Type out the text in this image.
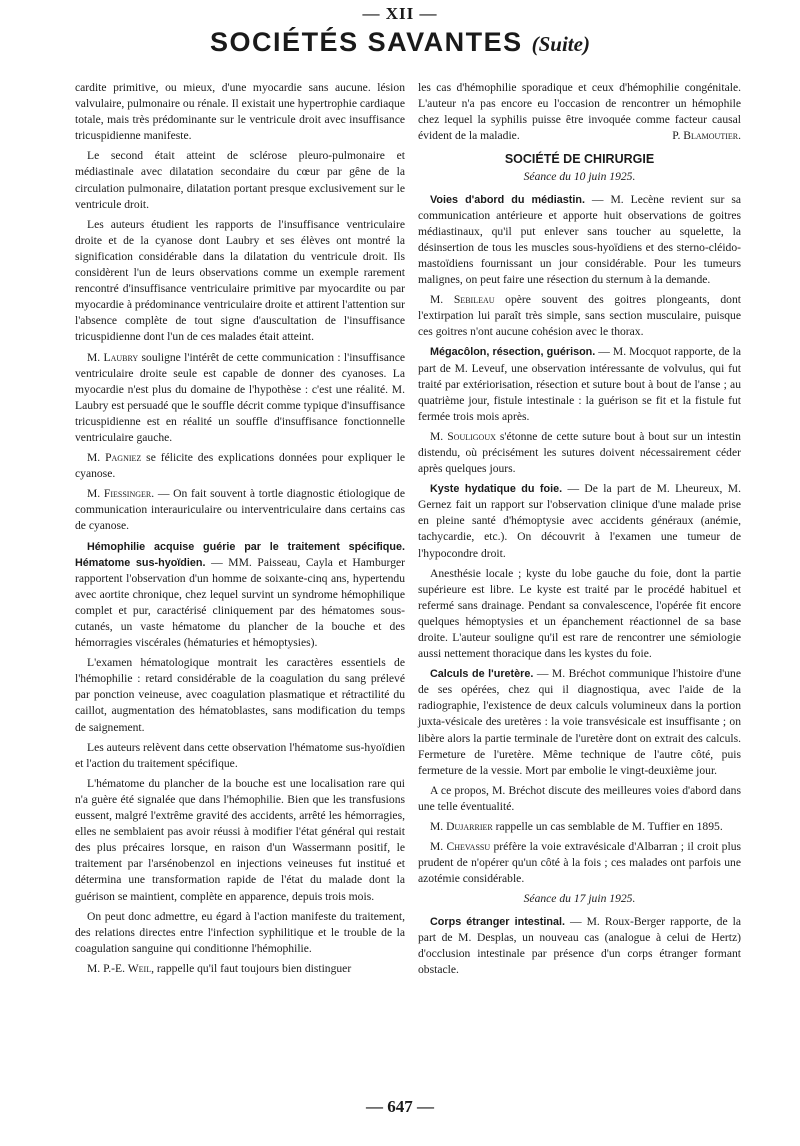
— XII —
SOCIÉTÉS SAVANTES (Suite)

cardite primitive, ou mieux, d'une myocardie sans aucune. lésion valvulaire, pulmonaire ou rénale. Il existait une hypertrophie cardiaque totale, mais très prédominante sur le ventricule droit avec insuffisance tricuspidienne manifeste.

Le second était atteint de sclérose pleuro-pulmonaire et médiastinale avec dilatation secondaire du cœur par gêne de la circulation pulmonaire, dilatation portant presque exclusivement sur le ventricule droit.

Les auteurs étudient les rapports de l'insuffisance ventriculaire droite et de la cyanose dont Laubry et ses élèves ont montré la signification considérable dans la dilatation du ventricule droit. Ils considèrent l'un de leurs observations comme un exemple rarement rencontré d'insuffisance ventriculaire primitive par myocardite ou par myocardie à prédominance ventriculaire droite et attirent l'attention sur l'absence complète de tout signe d'auscultation de l'insuffisance tricuspidienne dont l'un de ces malades était atteint.

M. Laubry souligne l'intérêt de cette communication : l'insuffisance ventriculaire droite seule est capable de donner des cyanoses. La myocardie n'est plus du domaine de l'hypothèse : c'est une réalité. M. Laubry est persuadé que le souffle décrit comme typique d'insuffisance tricuspidienne est en réalité un souffle d'insuffisance fonctionnelle ventriculaire gauche.

M. Pagniez se félicite des explications données pour expliquer le cyanose.

M. Fiessinger. — On fait souvent à tortle diagnostic étiologique de communication interauriculaire ou interventriculaire dans certains cas de cyanose.

Hémophilie acquise guérie par le traitement spécifique. Hématome sus-hyoïdien. — MM. Paisseau, Cayla et Hamburger rapportent l'observation d'un homme de soixante-cinq ans, hypertendu avec aortite chronique, chez lequel survint un syndrome hémophilique complet et pur, caractérisé cliniquement par des hématomes sous-cutanés, un vaste hématome du plancher de la bouche et des hémorragies viscérales (hématuries et hémoptysies).

L'examen hématologique montrait les caractères essentiels de l'hémophilie : retard considérable de la coagulation du sang prélevé par ponction veineuse, avec coagulation plasmatique et rétractilité du caillot, augmentation des hématoblastes, sans modification du temps de saignement.

Les auteurs relèvent dans cette observation l'hématome sus-hyoïdien et l'action du traitement spécifique.

L'hématome du plancher de la bouche est une localisation rare qui n'a guère été signalée que dans l'hémophilie. Bien que les transfusions eussent, malgré l'extrême gravité des accidents, arrêté les hémorragies, elles ne semblaient pas avoir réussi à modifier l'état général qui restait des plus précaires lorsque, en raison d'un Wassermann positif, le traitement par l'arsénobenzol en injections veineuses fut institué et détermina une transformation rapide de l'état du malade dont la guérison se maintient, complète en apparence, depuis trois mois.

On peut donc admettre, eu égard à l'action manifeste du traitement, des relations directes entre l'infection syphilitique et le trouble de la coagulation sanguine qui conditionne l'hémophilie.

M. P.-E. Weil, rappelle qu'il faut toujours bien distinguer

les cas d'hémophilie sporadique et ceux d'hémophilie congénitale. L'auteur n'a pas encore eu l'occasion de rencontrer un hémophile chez lequel la syphilis puisse être invoquée comme facteur causal évident de la maladie.	P. Blamoutier.

SOCIÉTÉ DE CHIRURGIE
Séance du 10 juin 1925.

Voies d'abord du médiastin. — M. Lecène revient sur sa communication antérieure et apporte huit observations de goitres médiastinaux, qu'il put enlever sans toucher au squelette, la désinsertion de tous les muscles sous-hyoïdiens et des sterno-cléido-mastoïdiens fournissant un jour considérable. Pour les tumeurs malignes, on peut faire une résection du sternum à la demande.

M. Sebileau opère souvent des goitres plongeants, dont l'extirpation lui paraît très simple, sans section musculaire, puisque ces goitres n'ont aucune cohésion avec le thorax.

Mégacôlon, résection, guérison. — M. Mocquot rapporte, de la part de M. Leveuf, une observation intéressante de volvulus, qui fut traité par extériorisation, résection et suture bout à bout de l'anse ; au quatrième jour, fistule intestinale : la guérison se fit et la fistule fut fermée trois mois après.

M. Souligoux s'étonne de cette suture bout à bout sur un intestin distendu, où précisément les sutures doivent nécessairement céder après quelques jours.

Kyste hydatique du foie. — De la part de M. Lheureux, M. Gernez fait un rapport sur l'observation clinique d'une malade prise en pleine santé d'hémoptysie avec accidents généraux (anémie, tachycardie, etc.). On découvrit à l'examen une tumeur de l'hypocondre droit.

Anesthésie locale ; kyste du lobe gauche du foie, dont la partie supérieure est libre. Le kyste est traité par le procédé habituel et refermé sans drainage. Pendant sa convalescence, l'opérée fit encore quelques hémoptysies et un épanchement réactionnel de sa base droite. L'auteur souligne qu'il est rare de rencontrer une sémiologie aussi nettement thoracique dans les kystes du foie.

Calculs de l'uretère. — M. Bréchot communique l'histoire d'une de ses opérées, chez qui il diagnostiqua, avec l'aide de la radiographie, l'existence de deux calculs volumineux dans la portion juxta-vésicale des uretères : la voie transvésicale est insuffisante ; on libère alors la partie terminale de l'uretère dont on extrait des calculs. Fermeture de l'uretère. Même technique de l'autre côté, puis fermeture de la vessie. Mort par embolie le vingt-deuxième jour.

A ce propos, M. Bréchot discute des meilleures voies d'abord dans une telle éventualité.

M. Dujarrier rappelle un cas semblable de M. Tuffier en 1895.

M. Chevassu préfère la voie extravésicale d'Albarran ; il croit plus prudent de n'opérer qu'un côté à la fois ; ces malades ont parfois une azotémie considérable.

Séance du 17 juin 1925.

Corps étranger intestinal. — M. Roux-Berger rapporte, de la part de M. Desplas, un nouveau cas (analogue à celui de Hertz) d'occlusion intestinale par présence d'un corps étranger formant obstacle.

— 647 —
